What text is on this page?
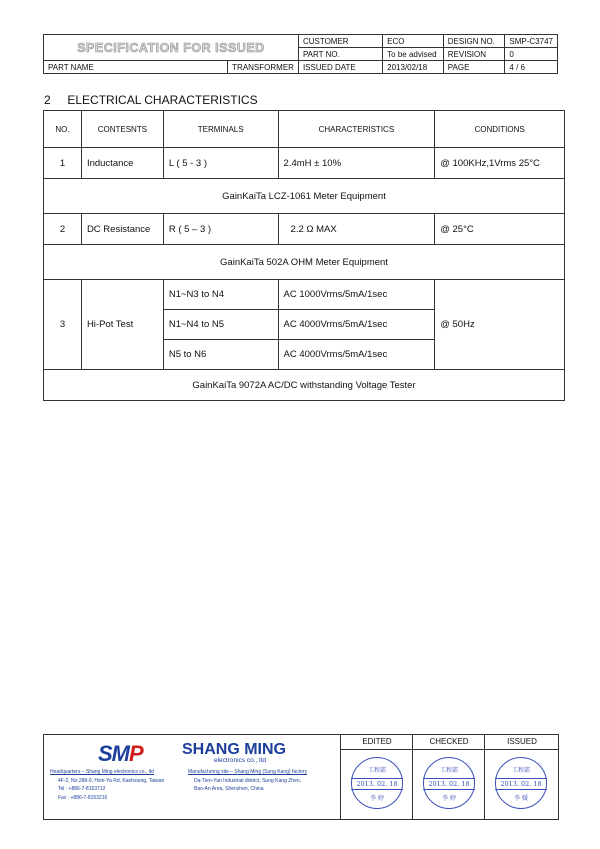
SPECIFICATION FOR ISSUED		CUSTOMER	ECO	DESIGN NO.	SMP-C3747
		PART NO.	To be advised	REVISION	0
PART NAME	TRANSFORMER	ISSUED DATE	2013/02/18	PAGE	4 / 6
2 ELECTRICAL CHARACTERISTICS
NO.	CONTESNTS	TERMINALS	CHARACTERISTICS	CONDITIONS
1	Inductance	L ( 5 - 3 )	2.4mH ± 10%	@ 100KHz,1Vrms 25°C
GainKaiTa LCZ-1061 Meter Equipment				
2	DC Resistance	R ( 5 – 3 )	2.2 Ω MAX	@ 25°C
GainKaiTa 502A OHM Meter Equipment				
3	Hi-Pot Test	N1~N3 to N4	AC 1000Vrms/5mA/1sec	@ 50Hz
		N1~N4 to N5	AC 4000Vrms/5mA/1sec	
		N5 to N6	AC 4000Vrms/5mA/1sec	
GainKaiTa 9072A AC/DC withstanding Voltage Tester				
SMP SHANG MING
electronics co., ltd
Headquarters – Shang Ming electronics co., ltd
4F-2, No.288-9, Hsin-Ya Rd, Kaohsiung, Taiwan
Tel : +886-7-8153712
Fax : +886-7-8153216
Manufacturing site – Shang Ming (Sung Kang) factory
Da-Tien-Yan Industrial district, Sung Kang Zhen,
Bao-An Area, Shenzhen, China
EDITED
工程部
2013. 02. 18
李 婷
CHECKED
工程部
2013. 02. 18
李 婷
ISSUED
工程部
2013. 02. 18
李 媛
